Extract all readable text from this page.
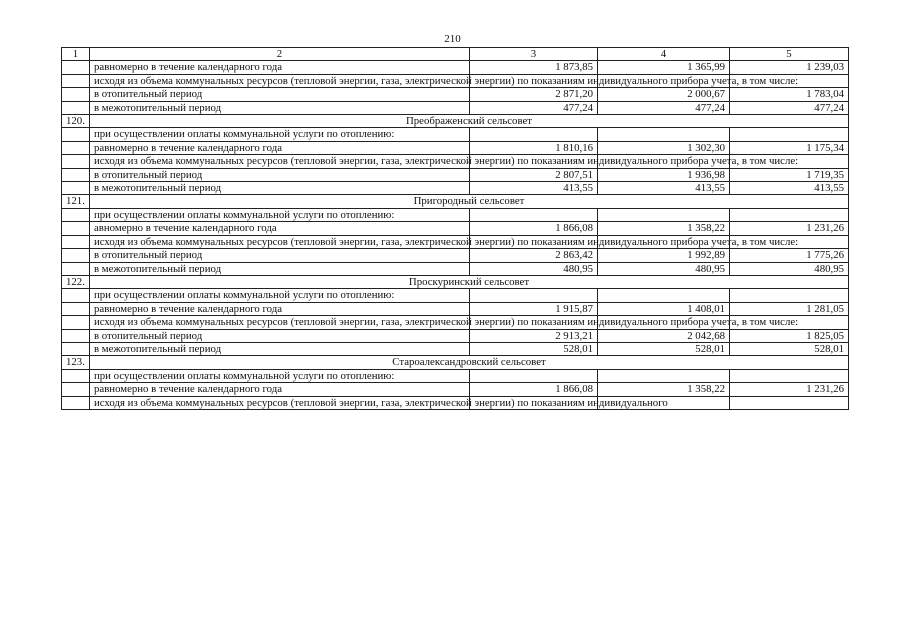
210
1	2	3	4	5
	равномерно в течение календарного года	1 873,85	1 365,99	1 239,03
	исходя из объема коммунальных ресурсов (тепловой энергии, газа, электрической энергии) по показаниям индивидуального прибора учета, в том числе:			
	в отопительный период	2 871,20	2 000,67	1 783,04
	в межотопительный период	477,24	477,24	477,24
120.	Преображенский сельсовет			
	при осуществлении оплаты коммунальной услуги по отоплению:			
	равномерно в течение календарного года	1 810,16	1 302,30	1 175,34
	исходя из объема коммунальных ресурсов (тепловой энергии, газа, электрической энергии) по показаниям индивидуального прибора учета, в том числе:			
	в отопительный период	2 807,51	1 936,98	1 719,35
	в межотопительный период	413,55	413,55	413,55
121.	Пригородный сельсовет			
	при осуществлении оплаты коммунальной услуги по отоплению:			
	авномерно в течение календарного года	1 866,08	1 358,22	1 231,26
	исходя из объема коммунальных ресурсов (тепловой энергии, газа, электрической энергии) по показаниям индивидуального прибора учета, в том числе:			
	в отопительный период	2 863,42	1 992,89	1 775,26
	в межотопительный период	480,95	480,95	480,95
122.	Проскуринский сельсовет			
	при осуществлении оплаты коммунальной услуги по отоплению:			
	равномерно в течение календарного года	1 915,87	1 408,01	1 281,05
	исходя из объема коммунальных ресурсов (тепловой энергии, газа, электрической энергии) по показаниям индивидуального прибора учета, в том числе:			
	в отопительный период	2 913,21	2 042,68	1 825,05
	в межотопительный период	528,01	528,01	528,01
123.	Староалександровский сельсовет			
	при осуществлении оплаты коммунальной услуги по отоплению:			
	равномерно в течение календарного года	1 866,08	1 358,22	1 231,26
	исходя из объема коммунальных ресурсов (тепловой энергии, газа, электрической энергии) по показаниям индивидуального			
